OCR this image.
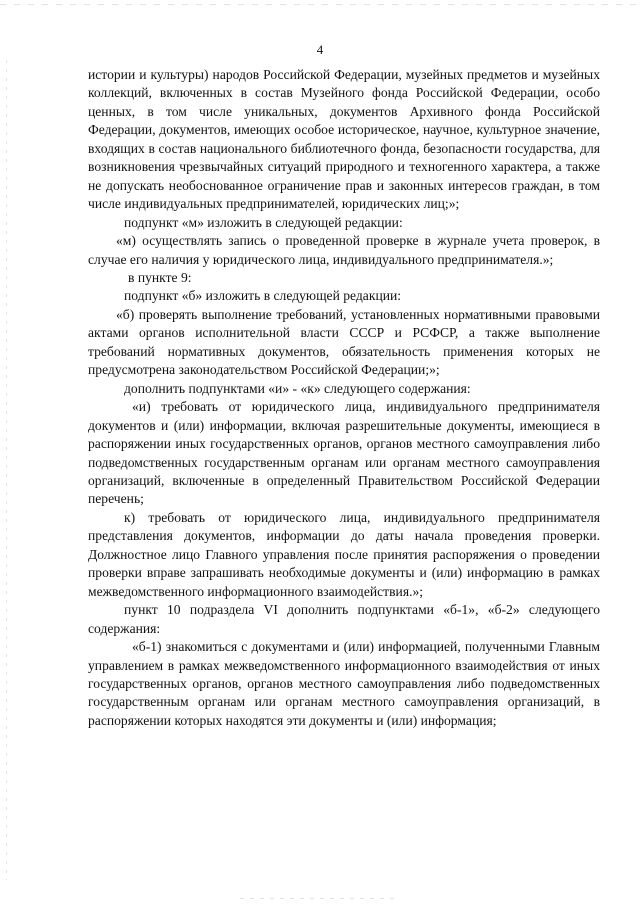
4

истории и культуры) народов Российской Федерации, музейных предметов и музейных коллекций, включенных в состав Музейного фонда Российской Федерации, особо ценных, в том числе уникальных, документов Архивного фонда Российской Федерации, документов, имеющих особое историческое, научное, культурное значение, входящих в состав национального библиотечного фонда, безопасности государства, для возникновения чрезвычайных ситуаций природного и техногенного характера, а также не допускать необоснованное ограничение прав и законных интересов граждан, в том числе индивидуальных предпринимателей, юридических лиц;»;

подпункт «м» изложить в следующей редакции:

«м) осуществлять запись о проведенной проверке в журнале учета проверок, в случае его наличия у юридического лица, индивидуального предпринимателя.»;

в пункте 9:

подпункт «б» изложить в следующей редакции:

«б) проверять выполнение требований, установленных нормативными правовыми актами органов исполнительной власти СССР и РСФСР, а также выполнение требований нормативных документов, обязательность применения которых не предусмотрена законодательством Российской Федерации;»;

дополнить подпунктами «и» - «к» следующего содержания:

«и) требовать от юридического лица, индивидуального предпринимателя документов и (или) информации, включая разрешительные документы, имеющиеся в распоряжении иных государственных органов, органов местного самоуправления либо подведомственных государственным органам или органам местного самоуправления организаций, включенные в определенный Правительством Российской Федерации перечень;

к) требовать от юридического лица, индивидуального предпринимателя представления документов, информации до даты начала проведения проверки. Должностное лицо Главного управления после принятия распоряжения о проведении проверки вправе запрашивать необходимые документы и (или) информацию в рамках межведомственного информационного взаимодействия.»;

пункт 10 подраздела VI дополнить подпунктами «б-1», «б-2» следующего содержания:

«б-1) знакомиться с документами и (или) информацией, полученными Главным управлением в рамках межведомственного информационного взаимодействия от иных государственных органов, органов местного самоуправления либо подведомственных государственным органам или органам местного самоуправления организаций, в распоряжении которых находятся эти документы и (или) информация;
